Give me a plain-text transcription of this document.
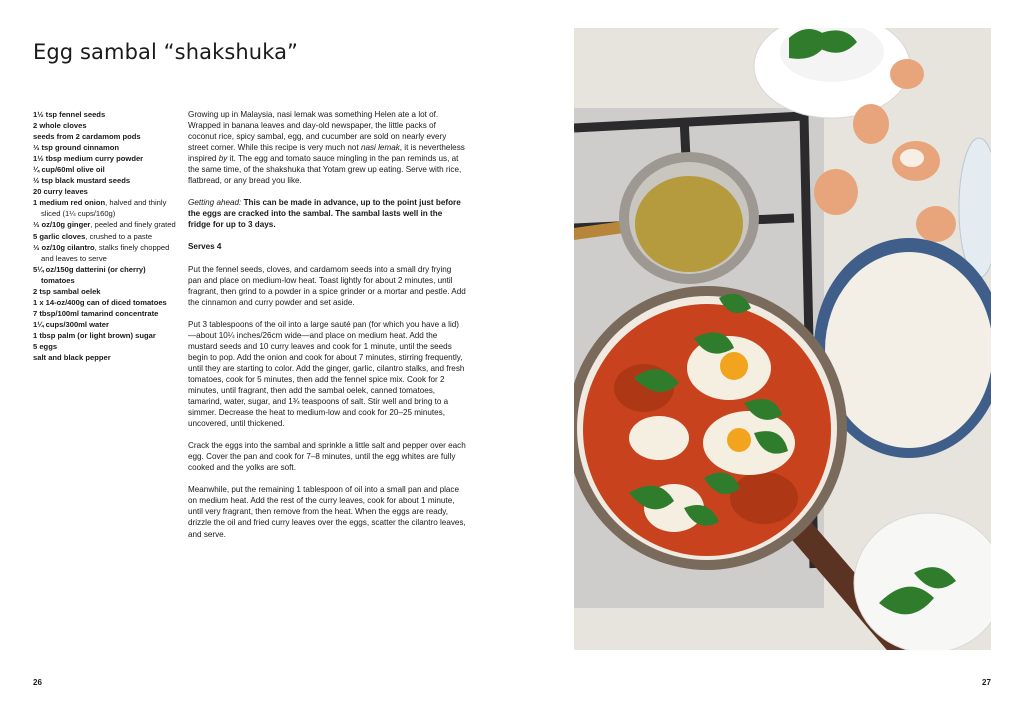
Egg sambal “shakshuka”
1½ tsp fennel seeds
2 whole cloves
seeds from 2 cardamom pods
⅓ tsp ground cinnamon
1½ tbsp medium curry powder
¼ cup/60ml olive oil
½ tsp black mustard seeds
20 curry leaves
1 medium red onion, halved and thinly sliced (1¼ cups/160g)
⅓ oz/10g ginger, peeled and finely grated
5 garlic cloves, crushed to a paste
⅓ oz/10g cilantro, stalks finely chopped and leaves to serve
5¼ oz/150g datterini (or cherry) tomatoes
2 tsp sambal oelek
1 x 14-oz/400g can of diced tomatoes
7 tbsp/100ml tamarind concentrate
1¼ cups/300ml water
1 tbsp palm (or light brown) sugar
5 eggs
salt and black pepper

Growing up in Malaysia, nasi lemak was something Helen ate a lot of. Wrapped in banana leaves and day-old newspaper, the little packs of coconut rice, spicy sambal, egg, and cucumber are sold on nearly every street corner. While this recipe is very much not nasi lemak, it is nevertheless inspired by it. The egg and tomato sauce mingling in the pan reminds us, at the same time, of the shakshuka that Yotam grew up eating. Serve with rice, flatbread, or any bread you like.

Getting ahead: This can be made in advance, up to the point just before the eggs are cracked into the sambal. The sambal lasts well in the fridge for up to 3 days.

Serves 4

Put the fennel seeds, cloves, and cardamom seeds into a small dry frying pan and place on medium-low heat. Toast lightly for about 2 minutes, until fragrant, then grind to a powder in a spice grinder or a mortar and pestle. Add the cinnamon and curry powder and set aside.

Put 3 tablespoons of the oil into a large sauté pan (for which you have a lid)—about 10¼ inches/26cm wide—and place on medium heat. Add the mustard seeds and 10 curry leaves and cook for 1 minute, until the seeds begin to pop. Add the onion and cook for about 7 minutes, stirring frequently, until they are starting to color. Add the ginger, garlic, cilantro stalks, and fresh tomatoes, cook for 5 minutes, then add the fennel spice mix. Cook for 2 minutes, until fragrant, then add the sambal oelek, canned tomatoes, tamarind, water, sugar, and 1¾ teaspoons of salt. Stir well and bring to a simmer. Decrease the heat to medium-low and cook for 20–25 minutes, uncovered, until thickened.

Crack the eggs into the sambal and sprinkle a little salt and pepper over each egg. Cover the pan and cook for 7–8 minutes, until the egg whites are fully cooked and the yolks are soft.

Meanwhile, put the remaining 1 tablespoon of oil into a small pan and place on medium heat. Add the rest of the curry leaves, cook for about 1 minute, until very fragrant, then remove from the heat. When the eggs are ready, drizzle the oil and fried curry leaves over the eggs, scatter the cilantro leaves, and serve.

26	27
